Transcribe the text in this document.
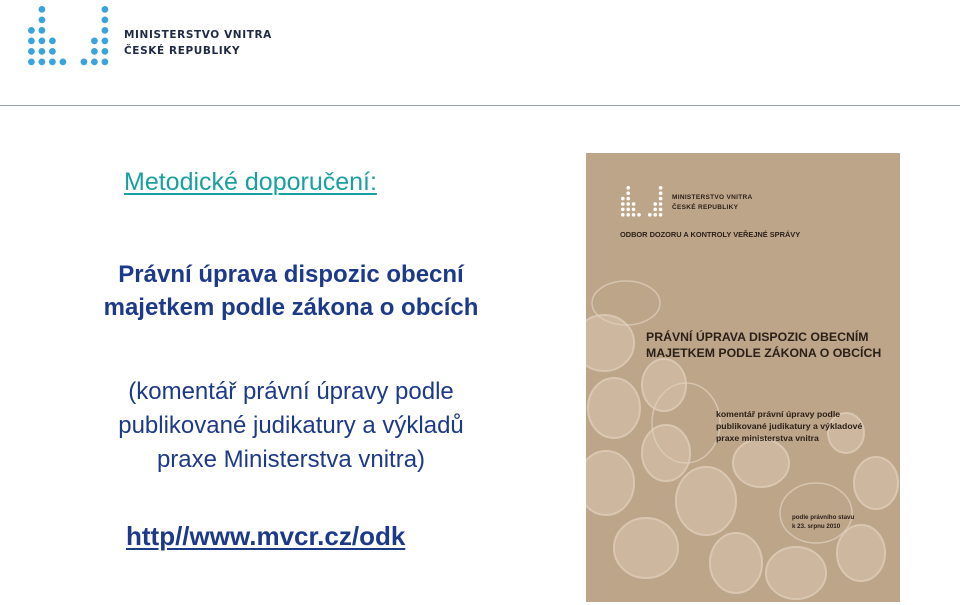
MINISTERSTVO VNITRA
ČESKÉ REPUBLIKY
Metodické doporučení:
Právní úprava dispozic obecní
majetkem podle zákona o obcích
(komentář právní úpravy podle
publikované judikatury a výkladů
praxe Ministerstva vnitra)
http//www.mvcr.cz/odk
MINISTERSTVO VNITRA
ČESKÉ REPUBLIKY
ODBOR DOZORU A KONTROLY VEŘEJNÉ SPRÁVY
PRÁVNÍ ÚPRAVA DISPOZIC OBECNÍM
MAJETKEM PODLE ZÁKONA O OBCÍCH
komentář právní úpravy podle
publikované judikatury a výkladové
praxe ministerstva vnitra
podle právního stavu
k 23. srpnu 2010
